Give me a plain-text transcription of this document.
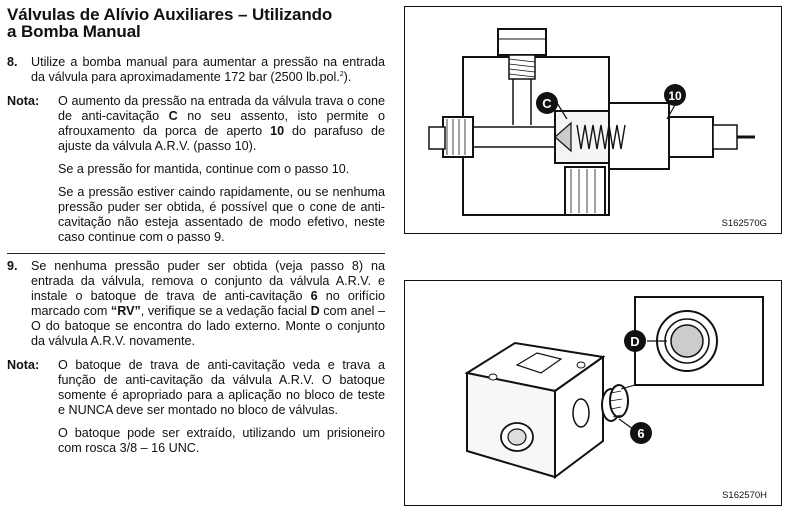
Válvulas de Alívio Auxiliares – Utilizando
a Bomba Manual
8.	Utilize a bomba manual para aumentar a pressão na entrada da válvula para aproximadamente 172 bar (2500 lb.pol.$^2$).
Nota:	O aumento da pressão na entrada da válvula trava o cone de anti-cavitação C no seu assento, isto permite o afrouxamento da porca de aperto 10 do parafuso de ajuste da válvula A.R.V. (passo 10).
Se a pressão for mantida, continue com o passo 10.
Se a pressão estiver caindo rapidamente, ou se nenhuma pressão puder ser obtida, é possível que o cone de anti-cavitação não esteja assentado de modo efetivo, neste caso continue com o passo 9.
9.	Se nenhuma pressão puder ser obtida (veja passo 8) na entrada da válvula, remova o conjunto da válvula A.R.V. e instale o batoque de trava de anti-cavitação 6 no orifício marcado com “RV”, verifique se a vedação facial D com anel – O do batoque se encontra do lado externo. Monte o conjunto da válvula A.R.V. novamente.
Nota:	O batoque de trava de anti-cavitação veda e trava a função de anti-cavitação da válvula A.R.V. O batoque somente é apropriado para a aplicação no bloco de teste e NUNCA deve ser montado no bloco de válvulas.
O batoque pode ser extraído, utilizando um prisioneiro com rosca 3/8 – 16 UNC.
C	10
S162570G
D
6
S162570H
